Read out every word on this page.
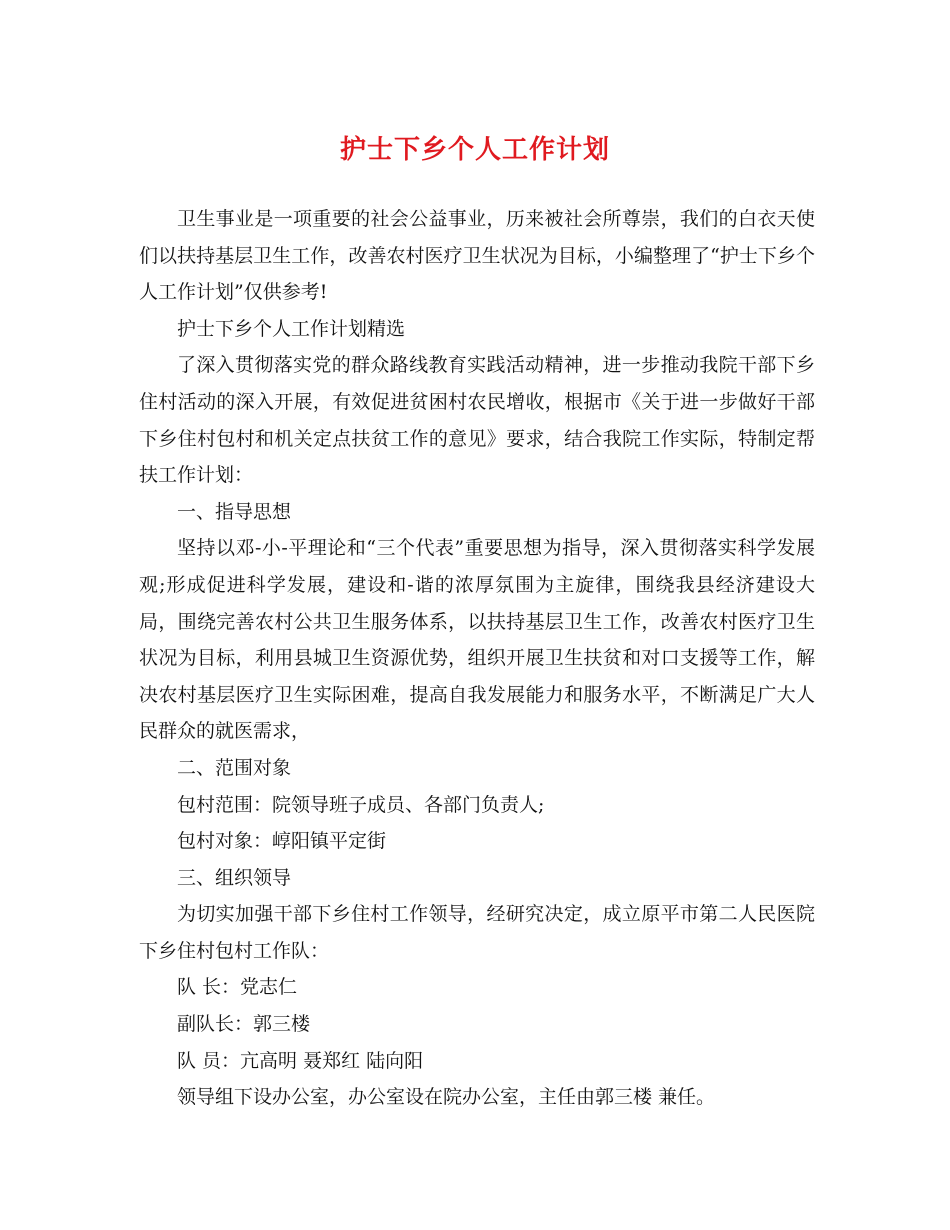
护士下乡个人工作计划

卫生事业是一项重要的社会公益事业，历来被社会所尊崇，我们的白衣天使们以扶持基层卫生工作，改善农村医疗卫生状况为目标，小编整理了“护士下乡个人工作计划”仅供参考!

护士下乡个人工作计划精选

了深入贯彻落实党的群众路线教育实践活动精神，进一步推动我院干部下乡住村活动的深入开展，有效促进贫困村农民增收，根据市《关于进一步做好干部下乡住村包村和机关定点扶贫工作的意见》要求，结合我院工作实际，特制定帮扶工作计划：

一、指导思想

坚持以邓-小-平理论和“三个代表”重要思想为指导，深入贯彻落实科学发展观;形成促进科学发展，建设和-谐的浓厚氛围为主旋律，围绕我县经济建设大局，围绕完善农村公共卫生服务体系，以扶持基层卫生工作，改善农村医疗卫生状况为目标，利用县城卫生资源优势，组织开展卫生扶贫和对口支援等工作，解决农村基层医疗卫生实际困难，提高自我发展能力和服务水平，不断满足广大人民群众的就医需求，

二、范围对象

包村范围：院领导班子成员、各部门负责人;

包村对象：崞阳镇平定街

三、组织领导

为切实加强干部下乡住村工作领导，经研究决定，成立原平市第二人民医院下乡住村包村工作队：

队 长：党志仁

副队长：郭三楼

队 员：亢高明 聂郑红 陆向阳

领导组下设办公室，办公室设在院办公室，主任由郭三楼 兼任。
